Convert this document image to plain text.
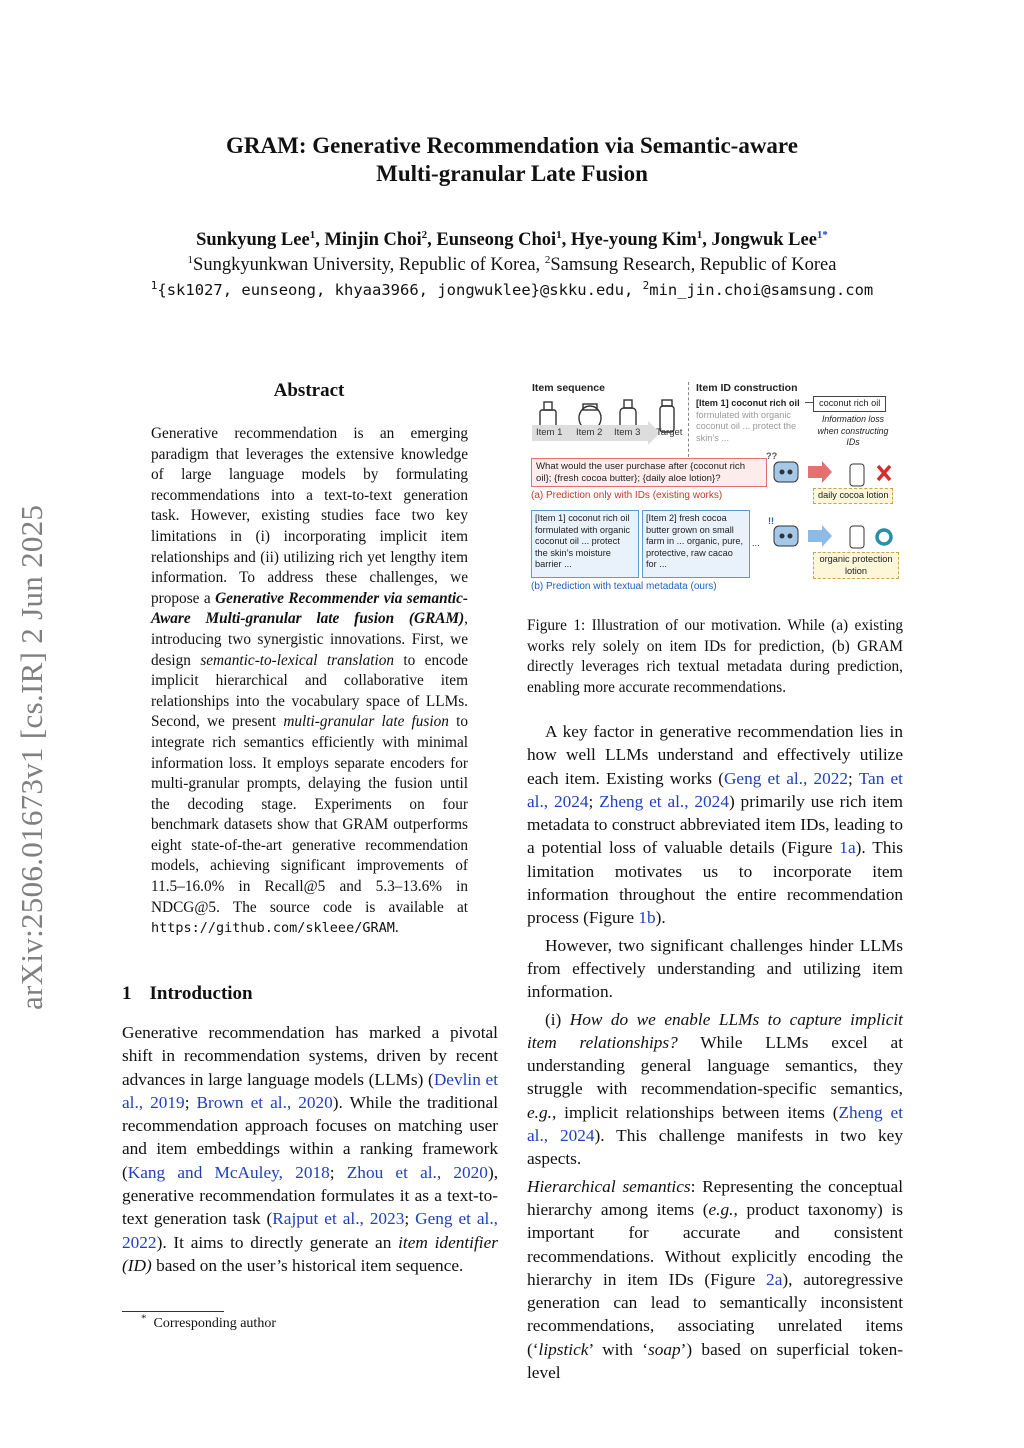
GRAM: Generative Recommendation via Semantic-aware
Multi-granular Late Fusion
Sunkyung Lee$^1$, Minjin Choi$^2$, Eunseong Choi$^1$, Hye-young Kim$^1$, Jongwuk Lee$^{1*}$
$^1$Sungkyunkwan University, Republic of Korea, $^2$Samsung Research, Republic of Korea
$^1${sk1027, eunseong, khyaa3966, jongwuklee}@skku.edu, $^2$min_jin.choi@samsung.com
arXiv:2506.01673v1 [cs.IR] 2 Jun 2025
Abstract

Generative recommendation is an emerging paradigm that leverages the extensive knowledge of large language models by formulating recommendations into a text-to-text generation task. However, existing studies face two key limitations in (i) incorporating implicit item relationships and (ii) utilizing rich yet lengthy item information. To address these challenges, we propose a Generative Recommender via semantic-Aware Multi-granular late fusion (GRAM), introducing two synergistic innovations. First, we design semantic-to-lexical translation to encode implicit hierarchical and collaborative item relationships into the vocabulary space of LLMs. Second, we present multi-granular late fusion to integrate rich semantics efficiently with minimal information loss. It employs separate encoders for multi-granular prompts, delaying the fusion until the decoding stage. Experiments on four benchmark datasets show that GRAM outperforms eight state-of-the-art generative recommendation models, achieving significant improvements of 11.5–16.0% in Recall@5 and 5.3–13.6% in NDCG@5. The source code is available at https://github.com/skleee/GRAM.

1 Introduction

Generative recommendation has marked a pivotal shift in recommendation systems, driven by recent advances in large language models (LLMs) (Devlin et al., 2019; Brown et al., 2020). While the traditional recommendation approach focuses on matching user and item embeddings within a ranking framework (Kang and McAuley, 2018; Zhou et al., 2020), generative recommendation formulates it as a text-to-text generation task (Rajput et al., 2023; Geng et al., 2022). It aims to directly generate an item identifier (ID) based on the user’s historical item sequence.

* Corresponding author
Item sequence	Item ID construction
Item 1 Item 2 Item 3 Target
[Item 1] coconut rich oil formulated with organic coconut oil ... protect the skin’s ...
coconut rich oil
Information loss when constructing IDs
What would the user purchase after {coconut rich oil}; {fresh cocoa butter}; {daily aloe lotion}?
(a) Prediction only with IDs (existing works)
??
daily cocoa lotion
[Item 1] coconut rich oil formulated with organic coconut oil ... protect the skin’s moisture barrier ...
[Item 2] fresh cocoa butter grown on small farm in ... organic, pure, protective, raw cacao for ...
...
!!
organic protection lotion
(b) Prediction with textual metadata (ours)
Figure 1: Illustration of our motivation. While (a) existing works rely solely on item IDs for prediction, (b) GRAM directly leverages rich textual metadata during prediction, enabling more accurate recommendations.

A key factor in generative recommendation lies in how well LLMs understand and effectively utilize each item. Existing works (Geng et al., 2022; Tan et al., 2024; Zheng et al., 2024) primarily use rich item metadata to construct abbreviated item IDs, leading to a potential loss of valuable details (Figure 1a). This limitation motivates us to incorporate item information throughout the entire recommendation process (Figure 1b).

However, two significant challenges hinder LLMs from effectively understanding and utilizing item information.

(i) How do we enable LLMs to capture implicit item relationships? While LLMs excel at understanding general language semantics, they struggle with recommendation-specific semantics, e.g., implicit relationships between items (Zheng et al., 2024). This challenge manifests in two key aspects.

Hierarchical semantics: Representing the conceptual hierarchy among items (e.g., product taxonomy) is important for accurate and consistent recommendations. Without explicitly encoding the hierarchy in item IDs (Figure 2a), autoregressive generation can lead to semantically inconsistent recommendations, associating unrelated items (‘lipstick’ with ‘soap’) based on superficial token-level
